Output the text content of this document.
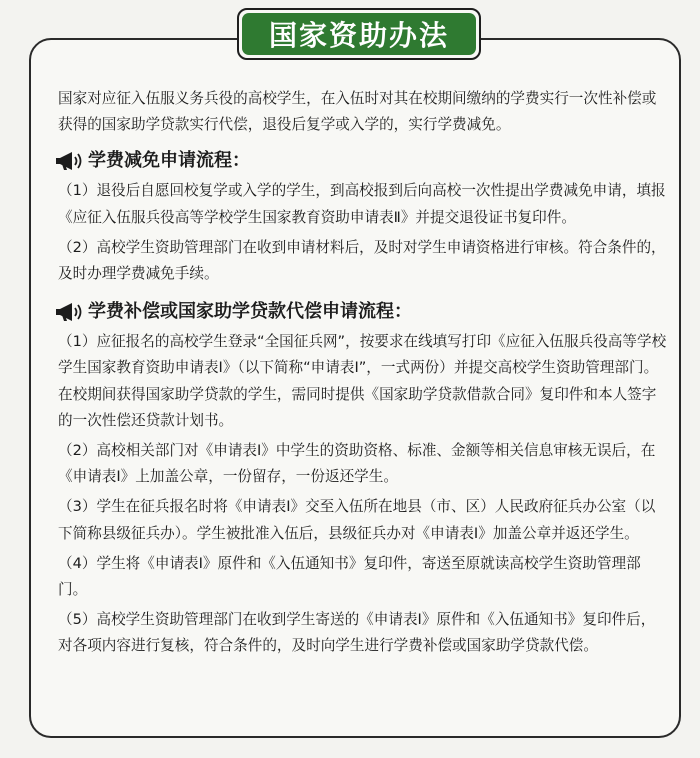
国家资助办法

国家对应征入伍服义务兵役的高校学生，在入伍时对其在校期间缴纳的学费实行一次性补偿或获得的国家助学贷款实行代偿，退役后复学或入学的，实行学费减免。

学费减免申请流程：

（1）退役后自愿回校复学或入学的学生，到高校报到后向高校一次性提出学费减免申请，填报《应征入伍服兵役高等学校学生国家教育资助申请表Ⅱ》并提交退役证书复印件。

（2）高校学生资助管理部门在收到申请材料后，及时对学生申请资格进行审核。符合条件的，及时办理学费减免手续。

学费补偿或国家助学贷款代偿申请流程：

（1）应征报名的高校学生登录“全国征兵网”，按要求在线填写打印《应征入伍服兵役高等学校学生国家教育资助申请表Ⅰ》（以下简称“申请表Ⅰ”，一式两份）并提交高校学生资助管理部门。在校期间获得国家助学贷款的学生，需同时提供《国家助学贷款借款合同》复印件和本人签字的一次性偿还贷款计划书。

（2）高校相关部门对《申请表Ⅰ》中学生的资助资格、标准、金额等相关信息审核无误后，在《申请表Ⅰ》上加盖公章，一份留存，一份返还学生。

（3）学生在征兵报名时将《申请表Ⅰ》交至入伍所在地县（市、区）人民政府征兵办公室（以下简称县级征兵办）。学生被批准入伍后，县级征兵办对《申请表Ⅰ》加盖公章并返还学生。

（4）学生将《申请表Ⅰ》原件和《入伍通知书》复印件，寄送至原就读高校学生资助管理部门。

（5）高校学生资助管理部门在收到学生寄送的《申请表Ⅰ》原件和《入伍通知书》复印件后，对各项内容进行复核，符合条件的，及时向学生进行学费补偿或国家助学贷款代偿。
